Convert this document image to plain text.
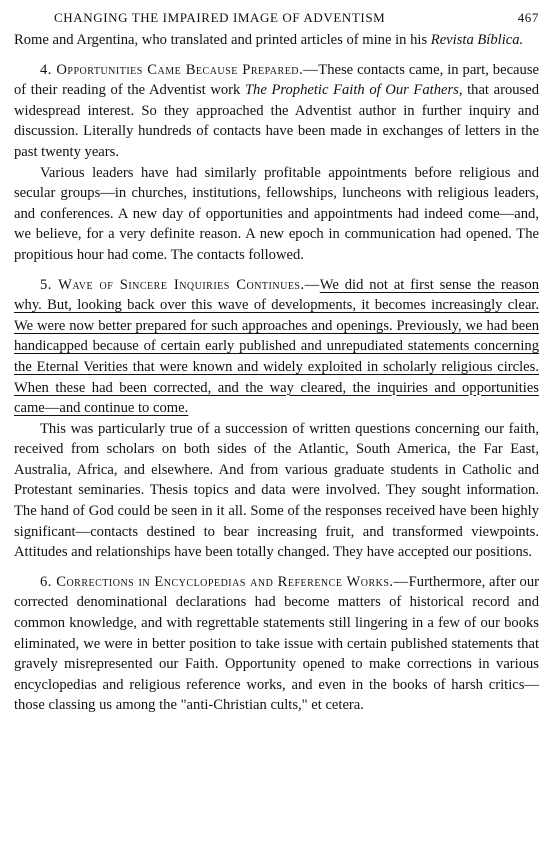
CHANGING THE IMPAIRED IMAGE OF ADVENTISM	467

Rome and Argentina, who translated and printed articles of mine in his Revista Bíblica.

4. Opportunities Came Because Prepared.—These contacts came, in part, because of their reading of the Adventist work The Prophetic Faith of Our Fathers, that aroused widespread interest. So they approached the Adventist author in further inquiry and discussion. Literally hundreds of contacts have been made in exchanges of letters in the past twenty years.

Various leaders have had similarly profitable appointments before religious and secular groups—in churches, institutions, fellowships, luncheons with religious leaders, and conferences. A new day of opportunities and appointments had indeed come—and, we believe, for a very definite reason. A new epoch in communication had opened. The propitious hour had come. The contacts followed.

5. Wave of Sincere Inquiries Continues.—We did not at first sense the reason why. But, looking back over this wave of developments, it becomes increasingly clear. We were now better prepared for such approaches and openings. Previously, we had been handicapped because of certain early published and unrepudiated statements concerning the Eternal Verities that were known and widely exploited in scholarly religious circles. When these had been corrected, and the way cleared, the inquiries and opportunities came—and continue to come.

This was particularly true of a succession of written questions concerning our faith, received from scholars on both sides of the Atlantic, South America, the Far East, Australia, Africa, and elsewhere. And from various graduate students in Catholic and Protestant seminaries. Thesis topics and data were involved. They sought information. The hand of God could be seen in it all. Some of the responses received have been highly significant—contacts destined to bear increasing fruit, and transformed viewpoints. Attitudes and relationships have been totally changed. They have accepted our positions.

6. Corrections in Encyclopedias and Reference Works.—Furthermore, after our corrected denominational declarations had become matters of historical record and common knowledge, and with regrettable statements still lingering in a few of our books eliminated, we were in better position to take issue with certain published statements that gravely misrepresented our Faith. Opportunity opened to make corrections in various encyclopedias and religious reference works, and even in the books of harsh critics—those classing us among the "anti-Christian cults," et cetera.
